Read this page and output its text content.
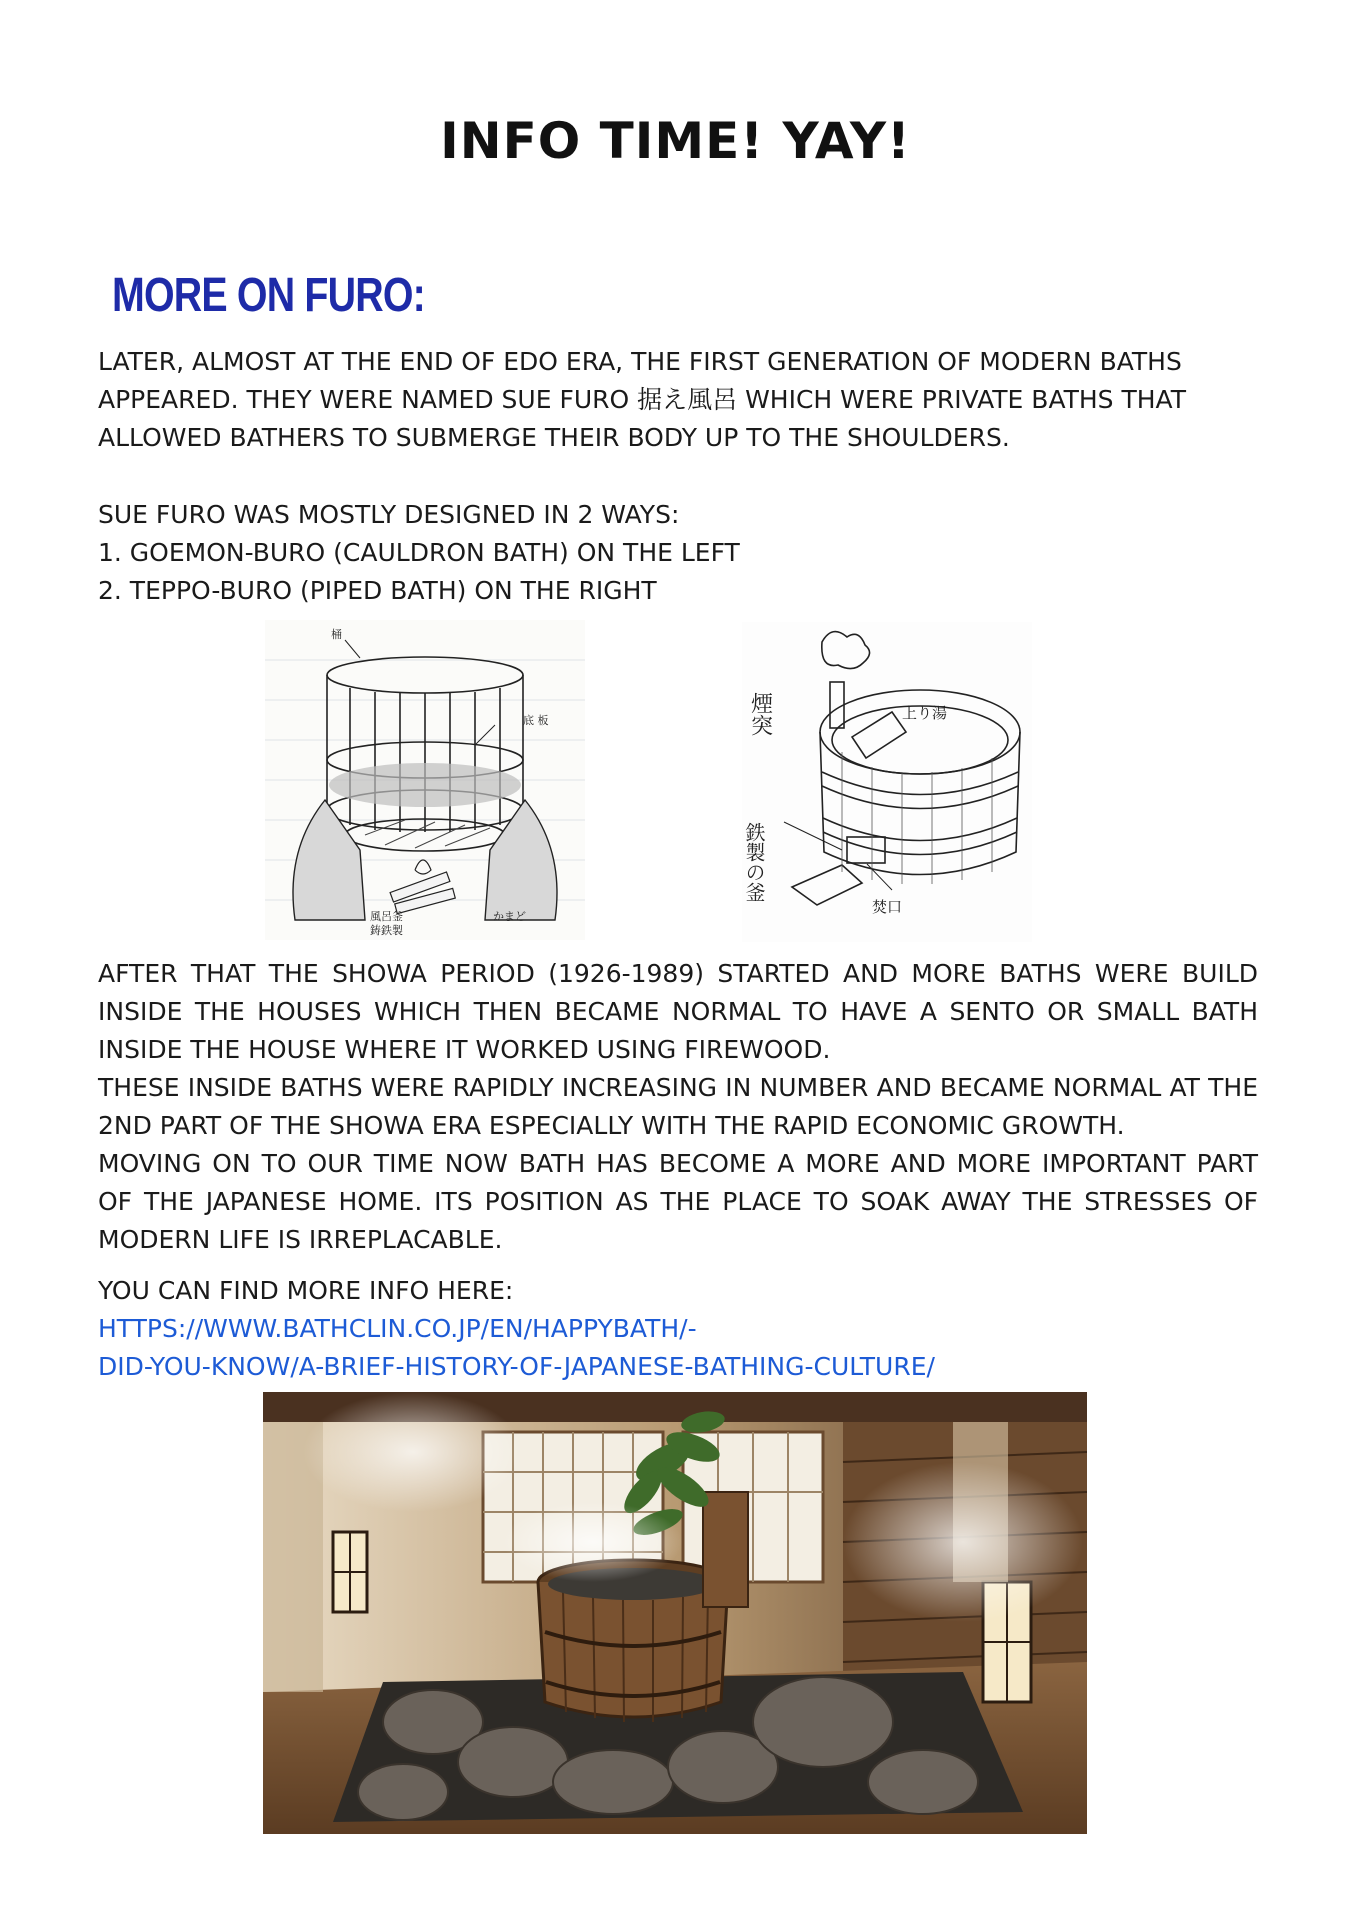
INFO TIME! YAY!
MORE ON FURO:

LATER, ALMOST AT THE END OF EDO ERA, THE FIRST GENERATION OF MODERN BATHS

APPEARED. THEY WERE NAMED SUE FURO 据え風呂 WHICH WERE PRIVATE BATHS THAT

ALLOWED BATHERS TO SUBMERGE THEIR BODY UP TO THE SHOULDERS.

SUE FURO WAS MOSTLY DESIGNED IN 2 WAYS:

1. GOEMON-BURO (CAULDRON BATH) ON THE LEFT

2. TEPPO-BURO (PIPED BATH) ON THE RIGHT

桶
底 板
風呂釜
鋳鉄製
かまど
煙突	上り湯
鉄製の釜
焚口

AFTER THAT THE SHOWA PERIOD (1926-1989) STARTED AND MORE BATHS WERE BUILD INSIDE THE HOUSES WHICH THEN BECAME NORMAL TO HAVE A SENTO OR SMALL BATH INSIDE THE HOUSE WHERE IT WORKED USING FIREWOOD.

THESE INSIDE BATHS WERE RAPIDLY INCREASING IN NUMBER AND BECAME NORMAL AT THE 2ND PART OF THE SHOWA ERA ESPECIALLY WITH THE RAPID ECONOMIC GROWTH.

MOVING ON TO OUR TIME NOW BATH HAS BECOME A MORE AND MORE IMPORTANT PART OF THE JAPANESE HOME. ITS POSITION AS THE PLACE TO SOAK AWAY THE STRESSES OF MODERN LIFE IS IRREPLACABLE.

YOU CAN FIND MORE INFO HERE:

HTTPS://WWW.BATHCLIN.CO.JP/EN/HAPPYBATH/-

DID-YOU-KNOW/A-BRIEF-HISTORY-OF-JAPANESE-BATHING-CULTURE/
